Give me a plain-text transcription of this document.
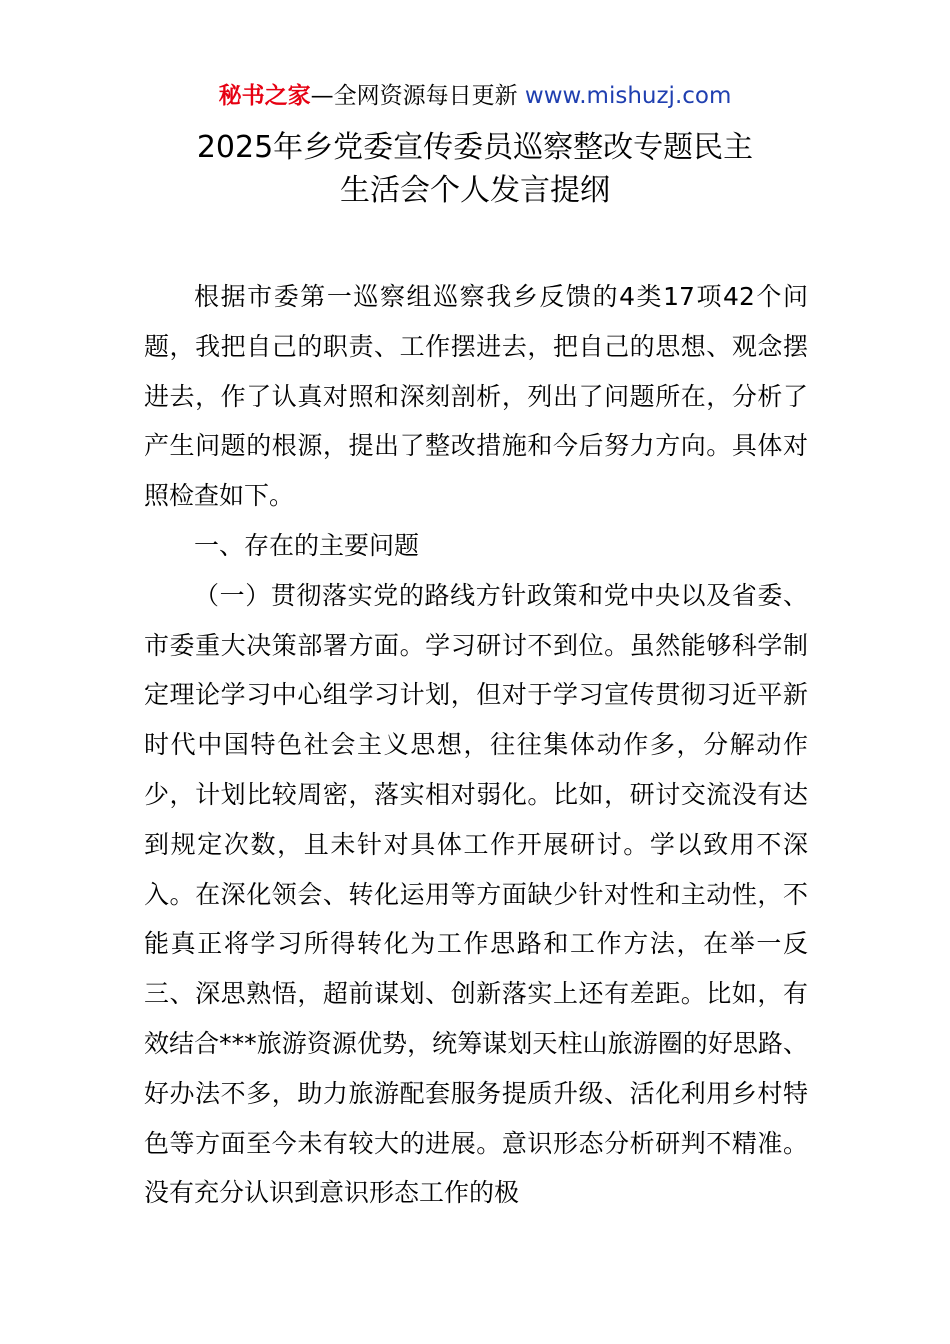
秘书之家—全网资源每日更新 www.mishuzj.com
2025年乡党委宣传委员巡察整改专题民主
生活会个人发言提纲

根据市委第一巡察组巡察我乡反馈的4类17项42个问题，我把自己的职责、工作摆进去，把自己的思想、观念摆进去，作了认真对照和深刻剖析，列出了问题所在，分析了产生问题的根源，提出了整改措施和今后努力方向。具体对照检查如下。

一、存在的主要问题

（一）贯彻落实党的路线方针政策和党中央以及省委、市委重大决策部署方面。学习研讨不到位。虽然能够科学制定理论学习中心组学习计划，但对于学习宣传贯彻习近平新时代中国特色社会主义思想，往往集体动作多，分解动作少，计划比较周密，落实相对弱化。比如，研讨交流没有达到规定次数，且未针对具体工作开展研讨。学以致用不深入。在深化领会、转化运用等方面缺少针对性和主动性，不能真正将学习所得转化为工作思路和工作方法，在举一反三、深思熟悟，超前谋划、创新落实上还有差距。比如，有效结合***旅游资源优势，统筹谋划天柱山旅游圈的好思路、好办法不多，助力旅游配套服务提质升级、活化利用乡村特色等方面至今未有较大的进展。意识形态分析研判不精准。没有充分认识到意识形态工作的极
